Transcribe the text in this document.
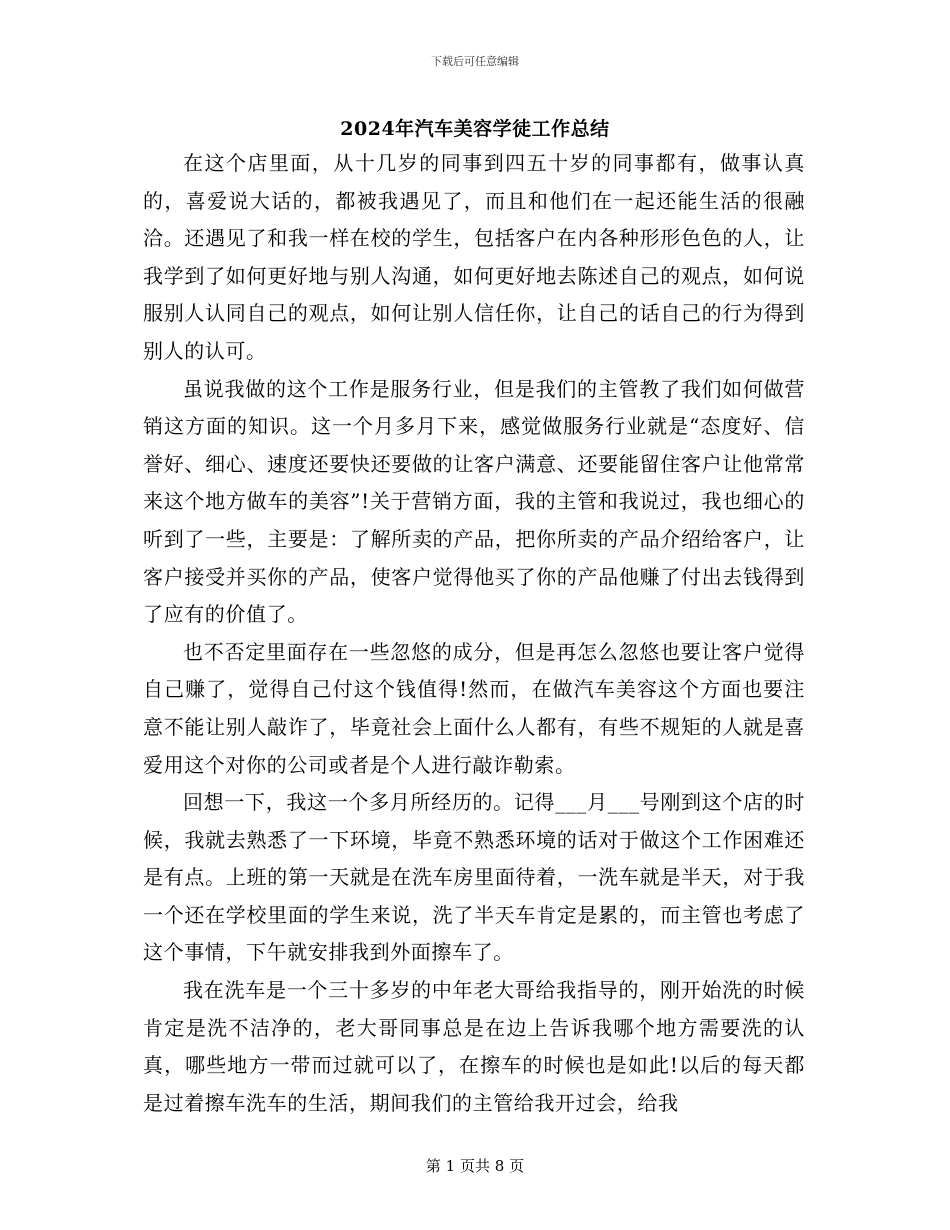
下载后可任意编辑
2024年汽车美容学徒工作总结

在这个店里面，从十几岁的同事到四五十岁的同事都有，做事认真的，喜爱说大话的，都被我遇见了，而且和他们在一起还能生活的很融洽。还遇见了和我一样在校的学生，包括客户在内各种形形色色的人，让我学到了如何更好地与别人沟通，如何更好地去陈述自己的观点，如何说服别人认同自己的观点，如何让别人信任你，让自己的话自己的行为得到别人的认可。

虽说我做的这个工作是服务行业，但是我们的主管教了我们如何做营销这方面的知识。这一个月多月下来，感觉做服务行业就是“态度好、信誉好、细心、速度还要快还要做的让客户满意、还要能留住客户让他常常来这个地方做车的美容”!关于营销方面，我的主管和我说过，我也细心的听到了一些，主要是：了解所卖的产品，把你所卖的产品介绍给客户，让客户接受并买你的产品，使客户觉得他买了你的产品他赚了付出去钱得到了应有的价值了。

也不否定里面存在一些忽悠的成分，但是再怎么忽悠也要让客户觉得自己赚了，觉得自己付这个钱值得!然而，在做汽车美容这个方面也要注意不能让别人敲诈了，毕竟社会上面什么人都有，有些不规矩的人就是喜爱用这个对你的公司或者是个人进行敲诈勒索。

回想一下，我这一个多月所经历的。记得___月___号刚到这个店的时候，我就去熟悉了一下环境，毕竟不熟悉环境的话对于做这个工作困难还是有点。上班的第一天就是在洗车房里面待着，一洗车就是半天，对于我一个还在学校里面的学生来说，洗了半天车肯定是累的，而主管也考虑了这个事情，下午就安排我到外面擦车了。

我在洗车是一个三十多岁的中年老大哥给我指导的，刚开始洗的时候肯定是洗不洁净的，老大哥同事总是在边上告诉我哪个地方需要洗的认真，哪些地方一带而过就可以了，在擦车的时候也是如此!以后的每天都是过着擦车洗车的生活，期间我们的主管给我开过会，给我

第 1 页共 8 页
